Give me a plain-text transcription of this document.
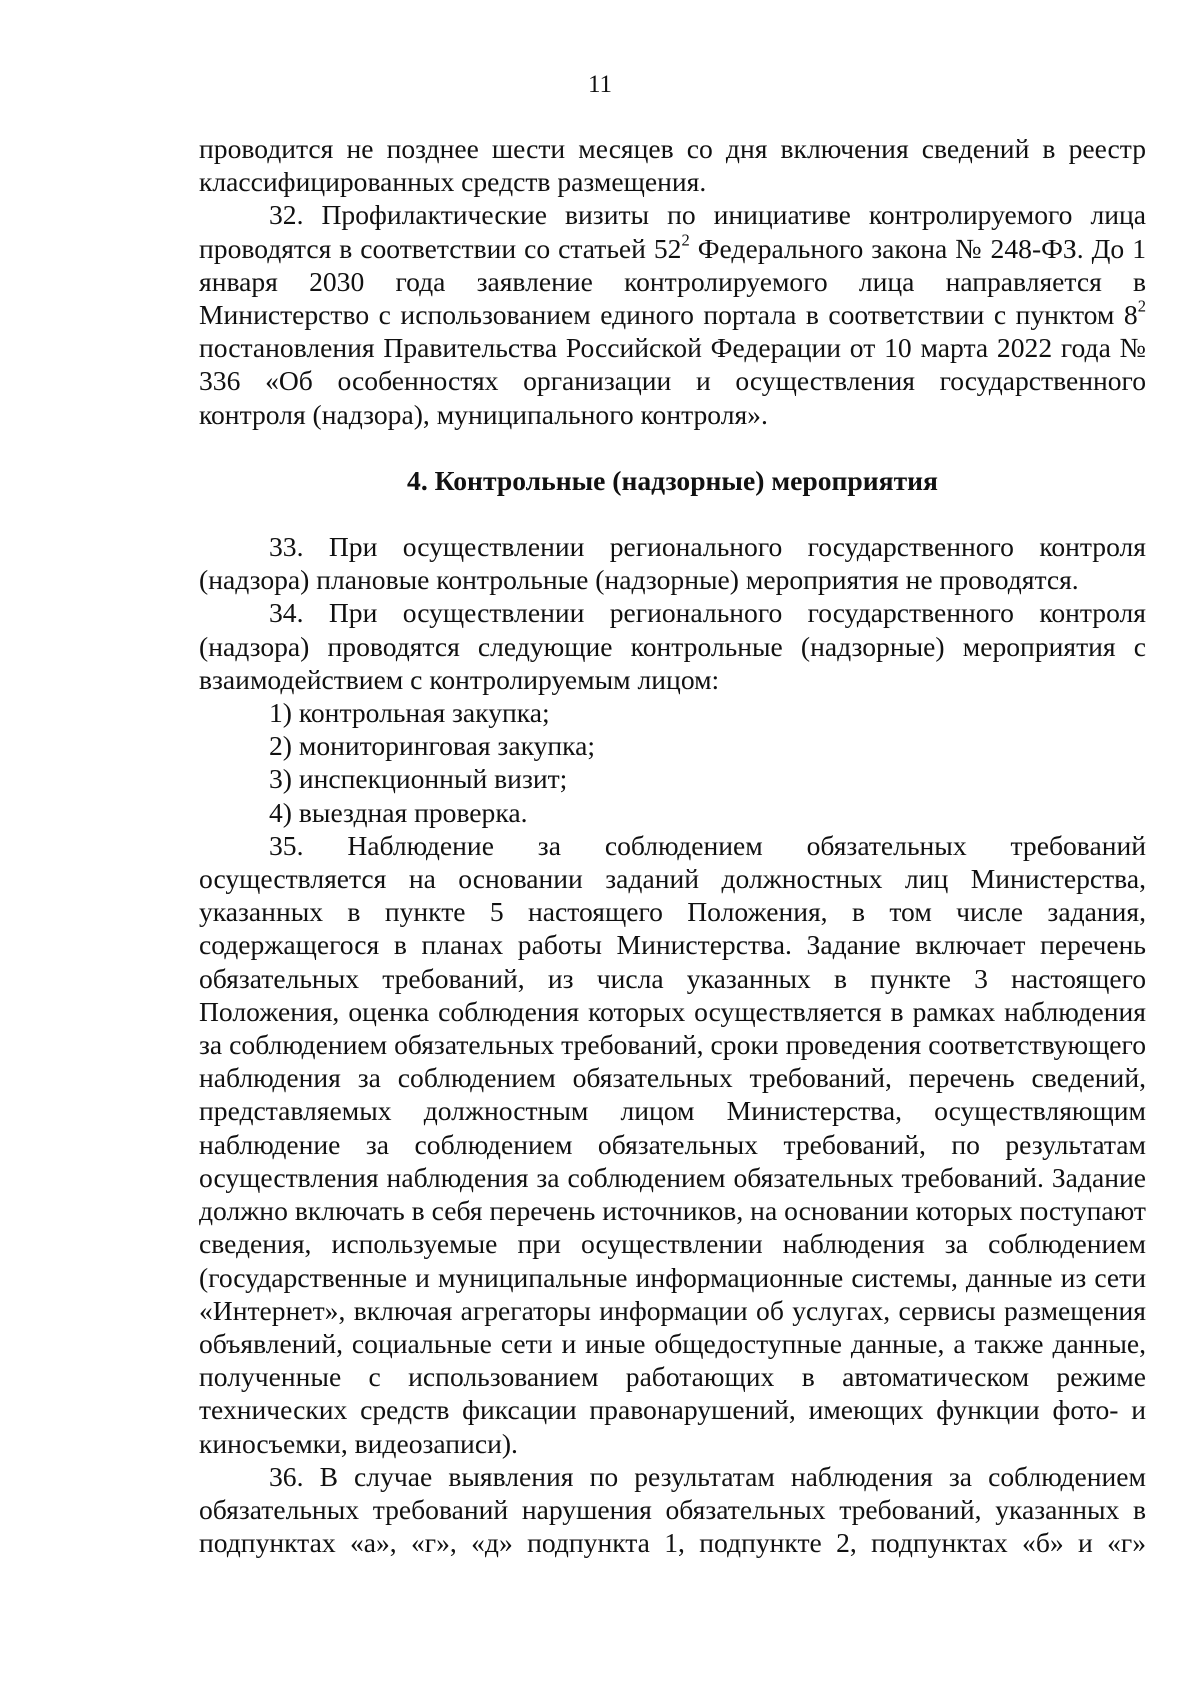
11

проводится не позднее шести месяцев со дня включения сведений в реестр классифицированных средств размещения.

32. Профилактические визиты по инициативе контролируемого лица проводятся в соответствии со статьей $52^2$ Федерального закона № 248-ФЗ. До 1 января 2030 года заявление контролируемого лица направляется в Министерство с использованием единого портала в соответствии с пунктом $8^2$ постановления Правительства Российской Федерации от 10 марта 2022 года № 336 «Об особенностях организации и осуществления государственного контроля (надзора), муниципального контроля».

4. Контрольные (надзорные) мероприятия

33. При осуществлении регионального государственного контроля (надзора) плановые контрольные (надзорные) мероприятия не проводятся.

34. При осуществлении регионального государственного контроля (надзора) проводятся следующие контрольные (надзорные) мероприятия с взаимодействием с контролируемым лицом:

1) контрольная закупка;

2) мониторинговая закупка;

3) инспекционный визит;

4) выездная проверка.

35. Наблюдение за соблюдением обязательных требований осуществляется на основании заданий должностных лиц Министерства, указанных в пункте 5 настоящего Положения, в том числе задания, содержащегося в планах работы Министерства. Задание включает перечень обязательных требований, из числа указанных в пункте 3 настоящего Положения, оценка соблюдения которых осуществляется в рамках наблюдения за соблюдением обязательных требований, сроки проведения соответствующего наблюдения за соблюдением обязательных требований, перечень сведений, представляемых должностным лицом Министерства, осуществляющим наблюдение за соблюдением обязательных требований, по результатам осуществления наблюдения за соблюдением обязательных требований. Задание должно включать в себя перечень источников, на основании которых поступают сведения, используемые при осуществлении наблюдения за соблюдением (государственные и муниципальные информационные системы, данные из сети «Интернет», включая агрегаторы информации об услугах, сервисы размещения объявлений, социальные сети и иные общедоступные данные, а также данные, полученные с использованием работающих в автоматическом режиме технических средств фиксации правонарушений, имеющих функции фото- и киносъемки, видеозаписи).

36. В случае выявления по результатам наблюдения за соблюдением обязательных требований нарушения обязательных требований, указанных в подпунктах «а», «г», «д» подпункта 1, подпункте 2, подпунктах «б» и «г»
